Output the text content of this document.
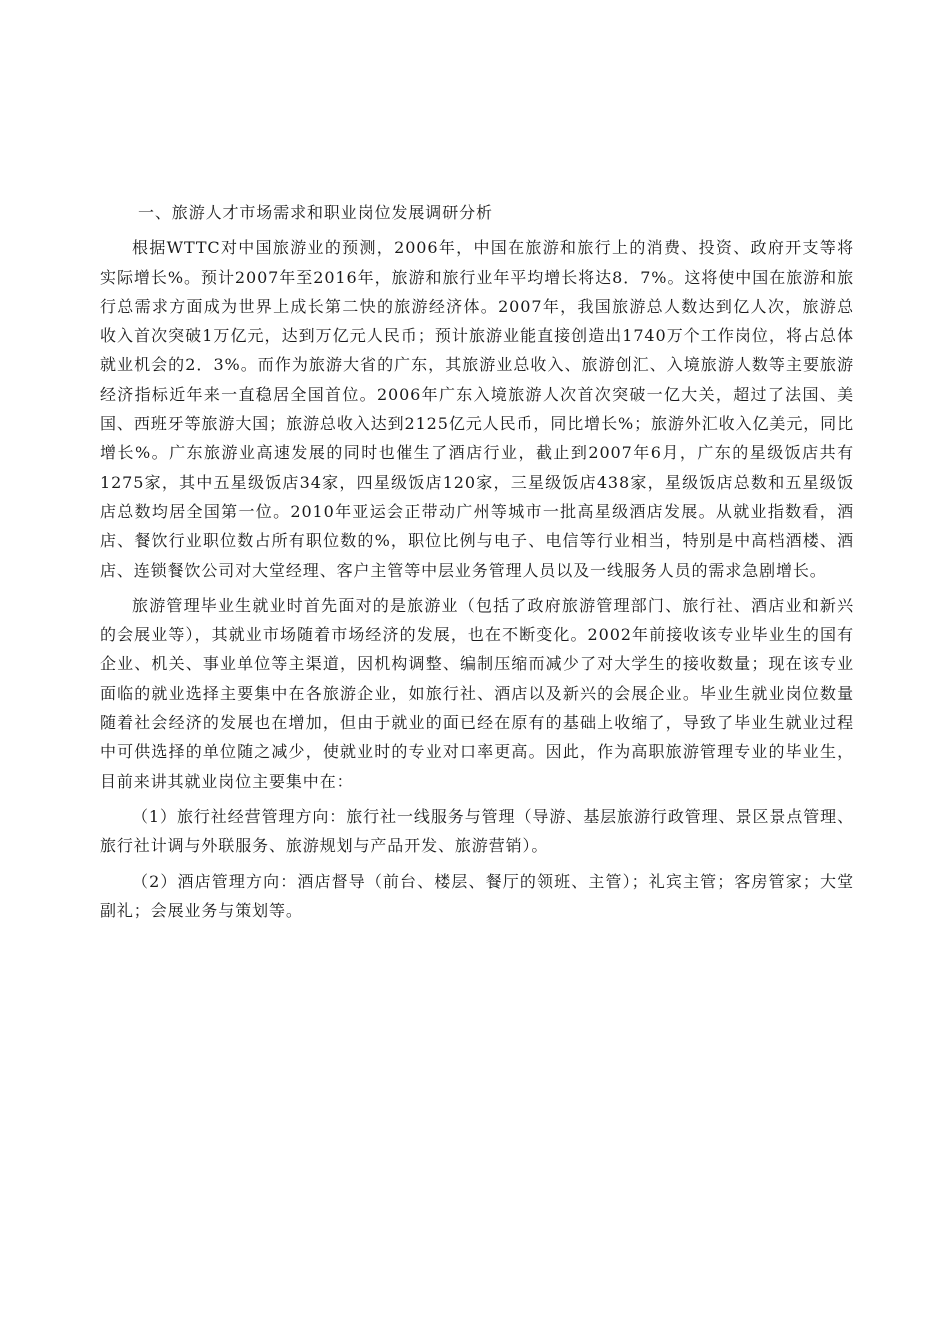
一、旅游人才市场需求和职业岗位发展调研分析

根据WTTC对中国旅游业的预测，2006年，中国在旅游和旅行上的消费、投资、政府开支等将实际增长%。预计2007年至2016年，旅游和旅行业年平均增长将达8．7%。这将使中国在旅游和旅行总需求方面成为世界上成长第二快的旅游经济体。2007年，我国旅游总人数达到亿人次，旅游总收入首次突破1万亿元，达到万亿元人民币；预计旅游业能直接创造出1740万个工作岗位，将占总体就业机会的2．3%。而作为旅游大省的广东，其旅游业总收入、旅游创汇、入境旅游人数等主要旅游经济指标近年来一直稳居全国首位。2006年广东入境旅游人次首次突破一亿大关，超过了法国、美国、西班牙等旅游大国；旅游总收入达到2125亿元人民币，同比增长%；旅游外汇收入亿美元，同比增长%。广东旅游业高速发展的同时也催生了酒店行业，截止到2007年6月，广东的星级饭店共有1275家，其中五星级饭店34家，四星级饭店120家，三星级饭店438家，星级饭店总数和五星级饭店总数均居全国第一位。2010年亚运会正带动广州等城市一批高星级酒店发展。从就业指数看，酒店、餐饮行业职位数占所有职位数的%，职位比例与电子、电信等行业相当，特别是中高档酒楼、酒店、连锁餐饮公司对大堂经理、客户主管等中层业务管理人员以及一线服务人员的需求急剧增长。

旅游管理毕业生就业时首先面对的是旅游业（包括了政府旅游管理部门、旅行社、酒店业和新兴的会展业等），其就业市场随着市场经济的发展，也在不断变化。2002年前接收该专业毕业生的国有企业、机关、事业单位等主渠道，因机构调整、编制压缩而减少了对大学生的接收数量；现在该专业面临的就业选择主要集中在各旅游企业，如旅行社、酒店以及新兴的会展企业。毕业生就业岗位数量随着社会经济的发展也在增加，但由于就业的面已经在原有的基础上收缩了，导致了毕业生就业过程中可供选择的单位随之减少，使就业时的专业对口率更高。因此，作为高职旅游管理专业的毕业生，目前来讲其就业岗位主要集中在：

（1）旅行社经营管理方向：旅行社一线服务与管理（导游、基层旅游行政管理、景区景点管理、旅行社计调与外联服务、旅游规划与产品开发、旅游营销）。

（2）酒店管理方向：酒店督导（前台、楼层、餐厅的领班、主管）；礼宾主管；客房管家；大堂副礼；会展业务与策划等。
